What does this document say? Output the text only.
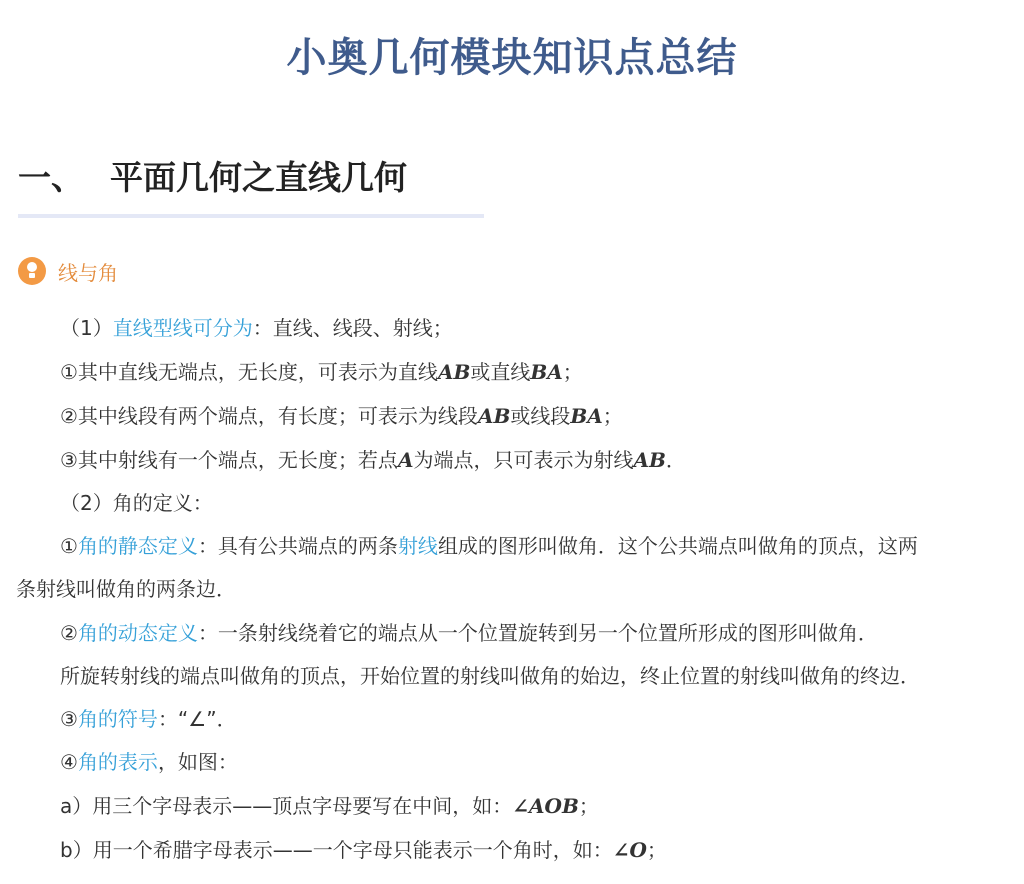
小奥几何模块知识点总结
一、 平面几何之直线几何
线与角
（1）直线型线可分为：直线、线段、射线；
①其中直线无端点，无长度，可表示为直线AB或直线BA；
②其中线段有两个端点，有长度；可表示为线段AB或线段BA；
③其中射线有一个端点，无长度；若点A为端点，只可表示为射线AB．
（2）角的定义：
①角的静态定义：具有公共端点的两条射线组成的图形叫做角．这个公共端点叫做角的顶点，这两
条射线叫做角的两条边．
②角的动态定义：一条射线绕着它的端点从一个位置旋转到另一个位置所形成的图形叫做角．
所旋转射线的端点叫做角的顶点，开始位置的射线叫做角的始边，终止位置的射线叫做角的终边．
③角的符号：“∠”．
④角的表示，如图：
a）用三个字母表示——顶点字母要写在中间，如：∠AOB；
b）用一个希腊字母表示——一个字母只能表示一个角时，如：∠O；
